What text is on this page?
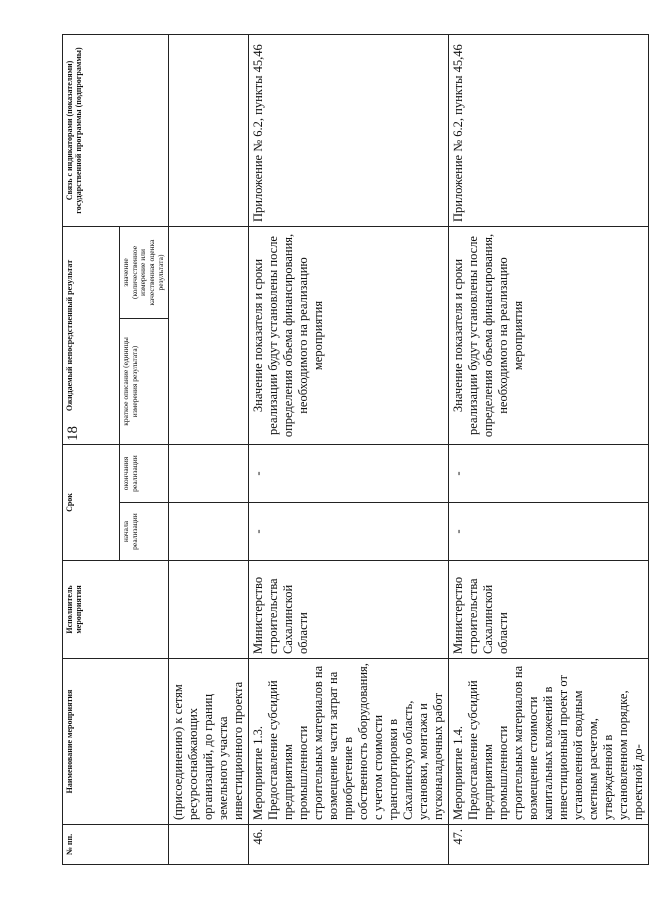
18
№ пп.	Наименование мероприятия	Исполнитель мероприятия	Срок		Ожидаемый непосредственный результат		Связь с индикаторами (показателями) государственной программы (подпрограммы)
			начала реализации	окончания реализации	краткое описание (единицы измерения результата)	значение (количественное измерение или качественная оценка результата)	
	(присоединению) к сетям ресурсоснабжающих организаций, до границ земельного участка инвестиционного проекта						
46.	Мероприятие 1.3. Предоставление субсидий предприятиям промышленности строительных материалов на возмещение части затрат на приобретение в собственность оборудования, с учетом стоимости транспортировки в Сахалинскую область, установки, монтажа и пусконаладочных работ	Министерство строительства Сахалинской области	-	-	Значение показателя и сроки реализации будут установлены после определения объема финансирования, необходимого на реализацию мероприятия		Приложение № 6.2, пункты 45,46
47.	Мероприятие 1.4. Предоставление субсидий предприятиям промышленности строительных материалов на возмещение стоимости капитальных вложений в инвестиционный проект от установленной сводным сметным расчетом, утвержденной в установленном порядке, проектной до-	Министерство строительства Сахалинской области	-	-	Значение показателя и сроки реализации будут установлены после определения объема финансирования, необходимого на реализацию мероприятия		Приложение № 6.2, пункты 45,46
